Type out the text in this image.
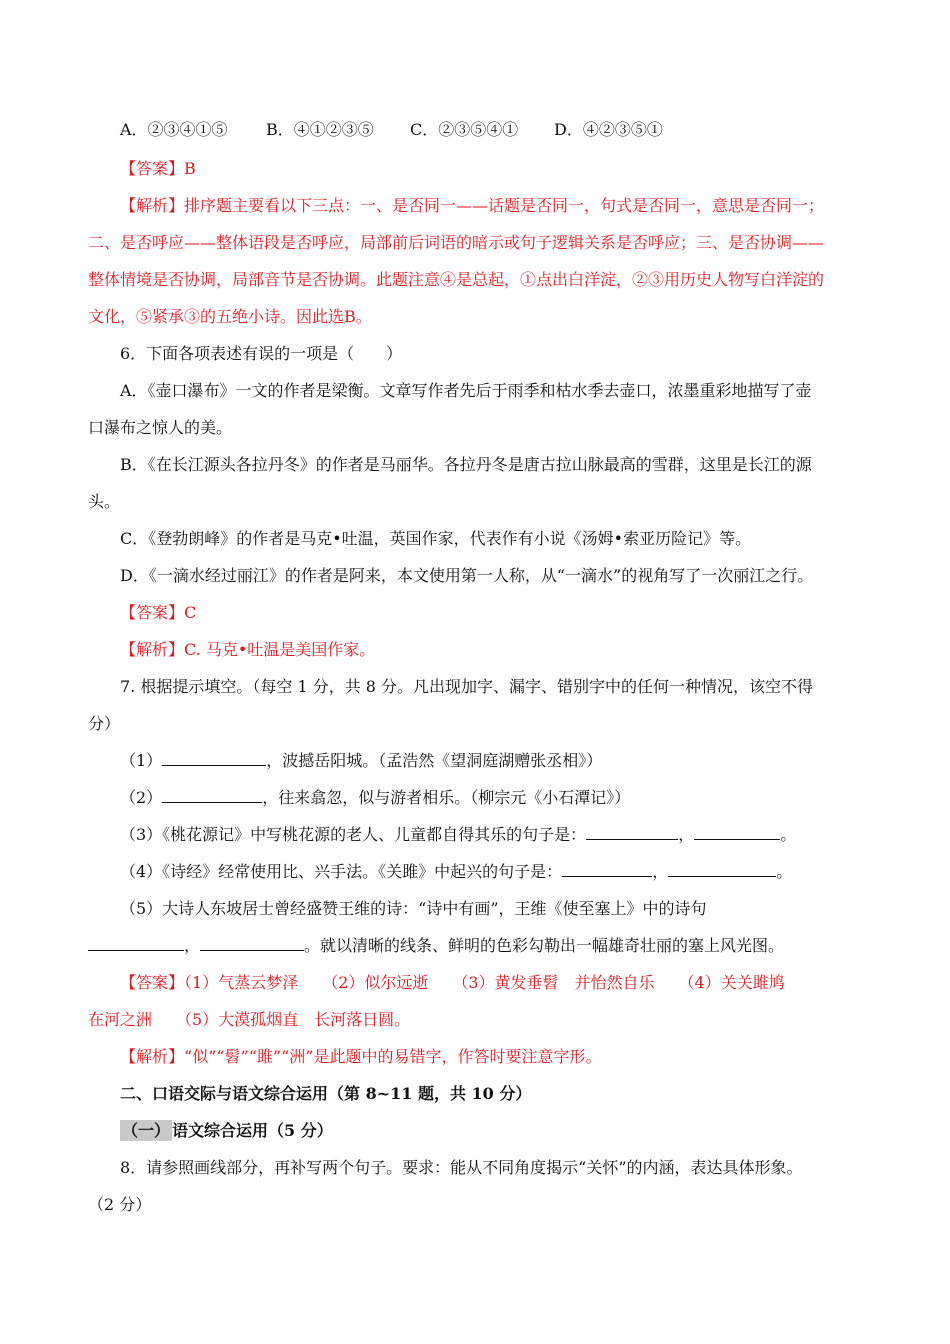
A．②③④①⑤ B．④①②③⑤ C．②③⑤④① D．④②③⑤①
【答案】B
【解析】排序题主要看以下三点：一、是否同一——话题是否同一，句式是否同一，意思是否同一；
二、是否呼应——整体语段是否呼应，局部前后词语的暗示或句子逻辑关系是否呼应；三、是否协调——
整体情境是否协调，局部音节是否协调。此题注意④是总起，①点出白洋淀，②③用历史人物写白洋淀的
文化，⑤紧承③的五绝小诗。因此选B。
6．下面各项表述有误的一项是（　　）
A．《壶口瀑布》一文的作者是梁衡。文章写作者先后于雨季和枯水季去壶口，浓墨重彩地描写了壶
口瀑布之惊人的美。
B．《在长江源头各拉丹冬》的作者是马丽华。各拉丹冬是唐古拉山脉最高的雪群，这里是长江的源
头。
C．《登勃朗峰》的作者是马克•吐温，英国作家，代表作有小说《汤姆•索亚历险记》等。
D．《一滴水经过丽江》的作者是阿来，本文使用第一人称，从“一滴水”的视角写了一次丽江之行。
【答案】C
【解析】C. 马克•吐温是美国作家。
7. 根据提示填空。（每空 1 分，共 8 分。凡出现加字、漏字、错别字中的任何一种情况，该空不得
分）
（1）	，波撼岳阳城。（孟浩然《望洞庭湖赠张丞相》）
（2）	，往来翕忽，似与游者相乐。（柳宗元《小石潭记》）
（3）《桃花源记》中写桃花源的老人、儿童都自得其乐的句子是：	，	。
（4）《诗经》经常使用比、兴手法。《关雎》中起兴的句子是：	，	。
（5）大诗人东坡居士曾经盛赞王维的诗：“诗中有画”，王维《使至塞上》中的诗句
，	。就以清晰的线条、鲜明的色彩勾勒出一幅雄奇壮丽的塞上风光图。
【答案】（1）气蒸云梦泽　　（2）似尔远逝　　（3）黄发垂髫　并怡然自乐　　（4）关关雎鸠
在河之洲　　（5）大漠孤烟直　长河落日圆。
【解析】“似”“髫”“雎”“洲”是此题中的易错字，作答时要注意字形。
二、口语交际与语文综合运用（第 8~11 题，共 10 分）
（一） 语文综合运用（5 分）
8．请参照画线部分，再补写两个句子。要求：能从不同角度揭示“关怀”的内涵，表达具体形象。
（2 分）
